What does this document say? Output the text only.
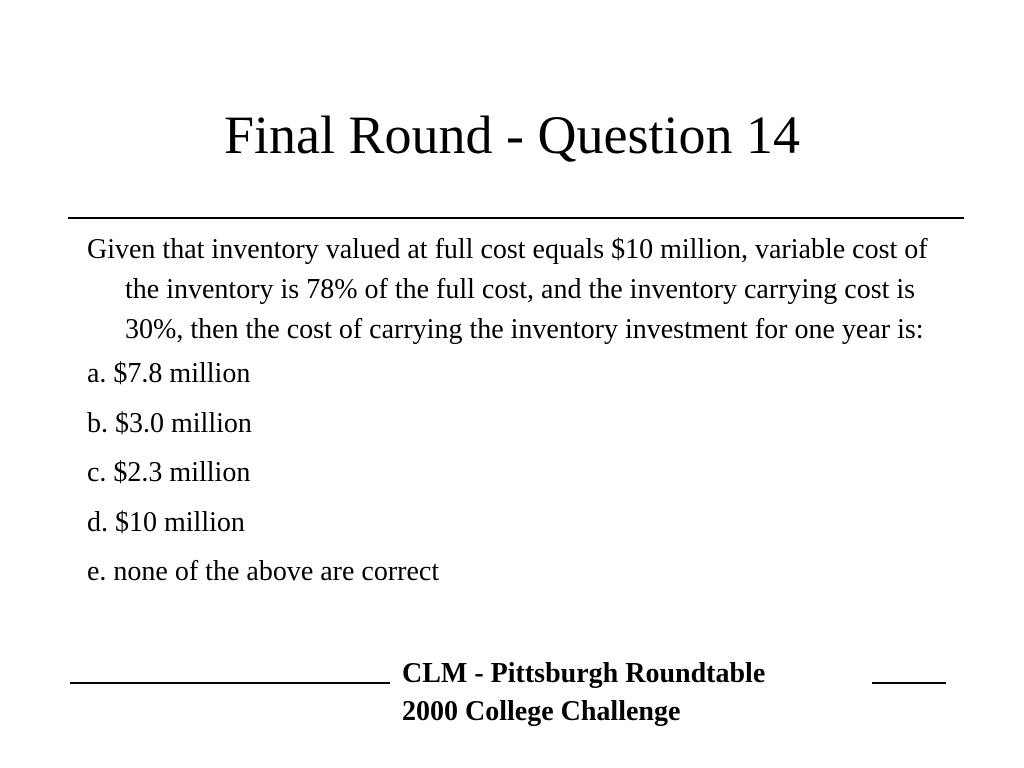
Final Round - Question 14

Given that inventory valued at full cost equals $10 million, variable cost of the inventory is 78% of the full cost, and the inventory carrying cost is 30%, then the cost of carrying the inventory investment for one year is:

a. $7.8 million
b. $3.0 million
c. $2.3 million
d. $10 million
e. none of the above are correct
CLM - Pittsburgh Roundtable
2000 College Challenge
